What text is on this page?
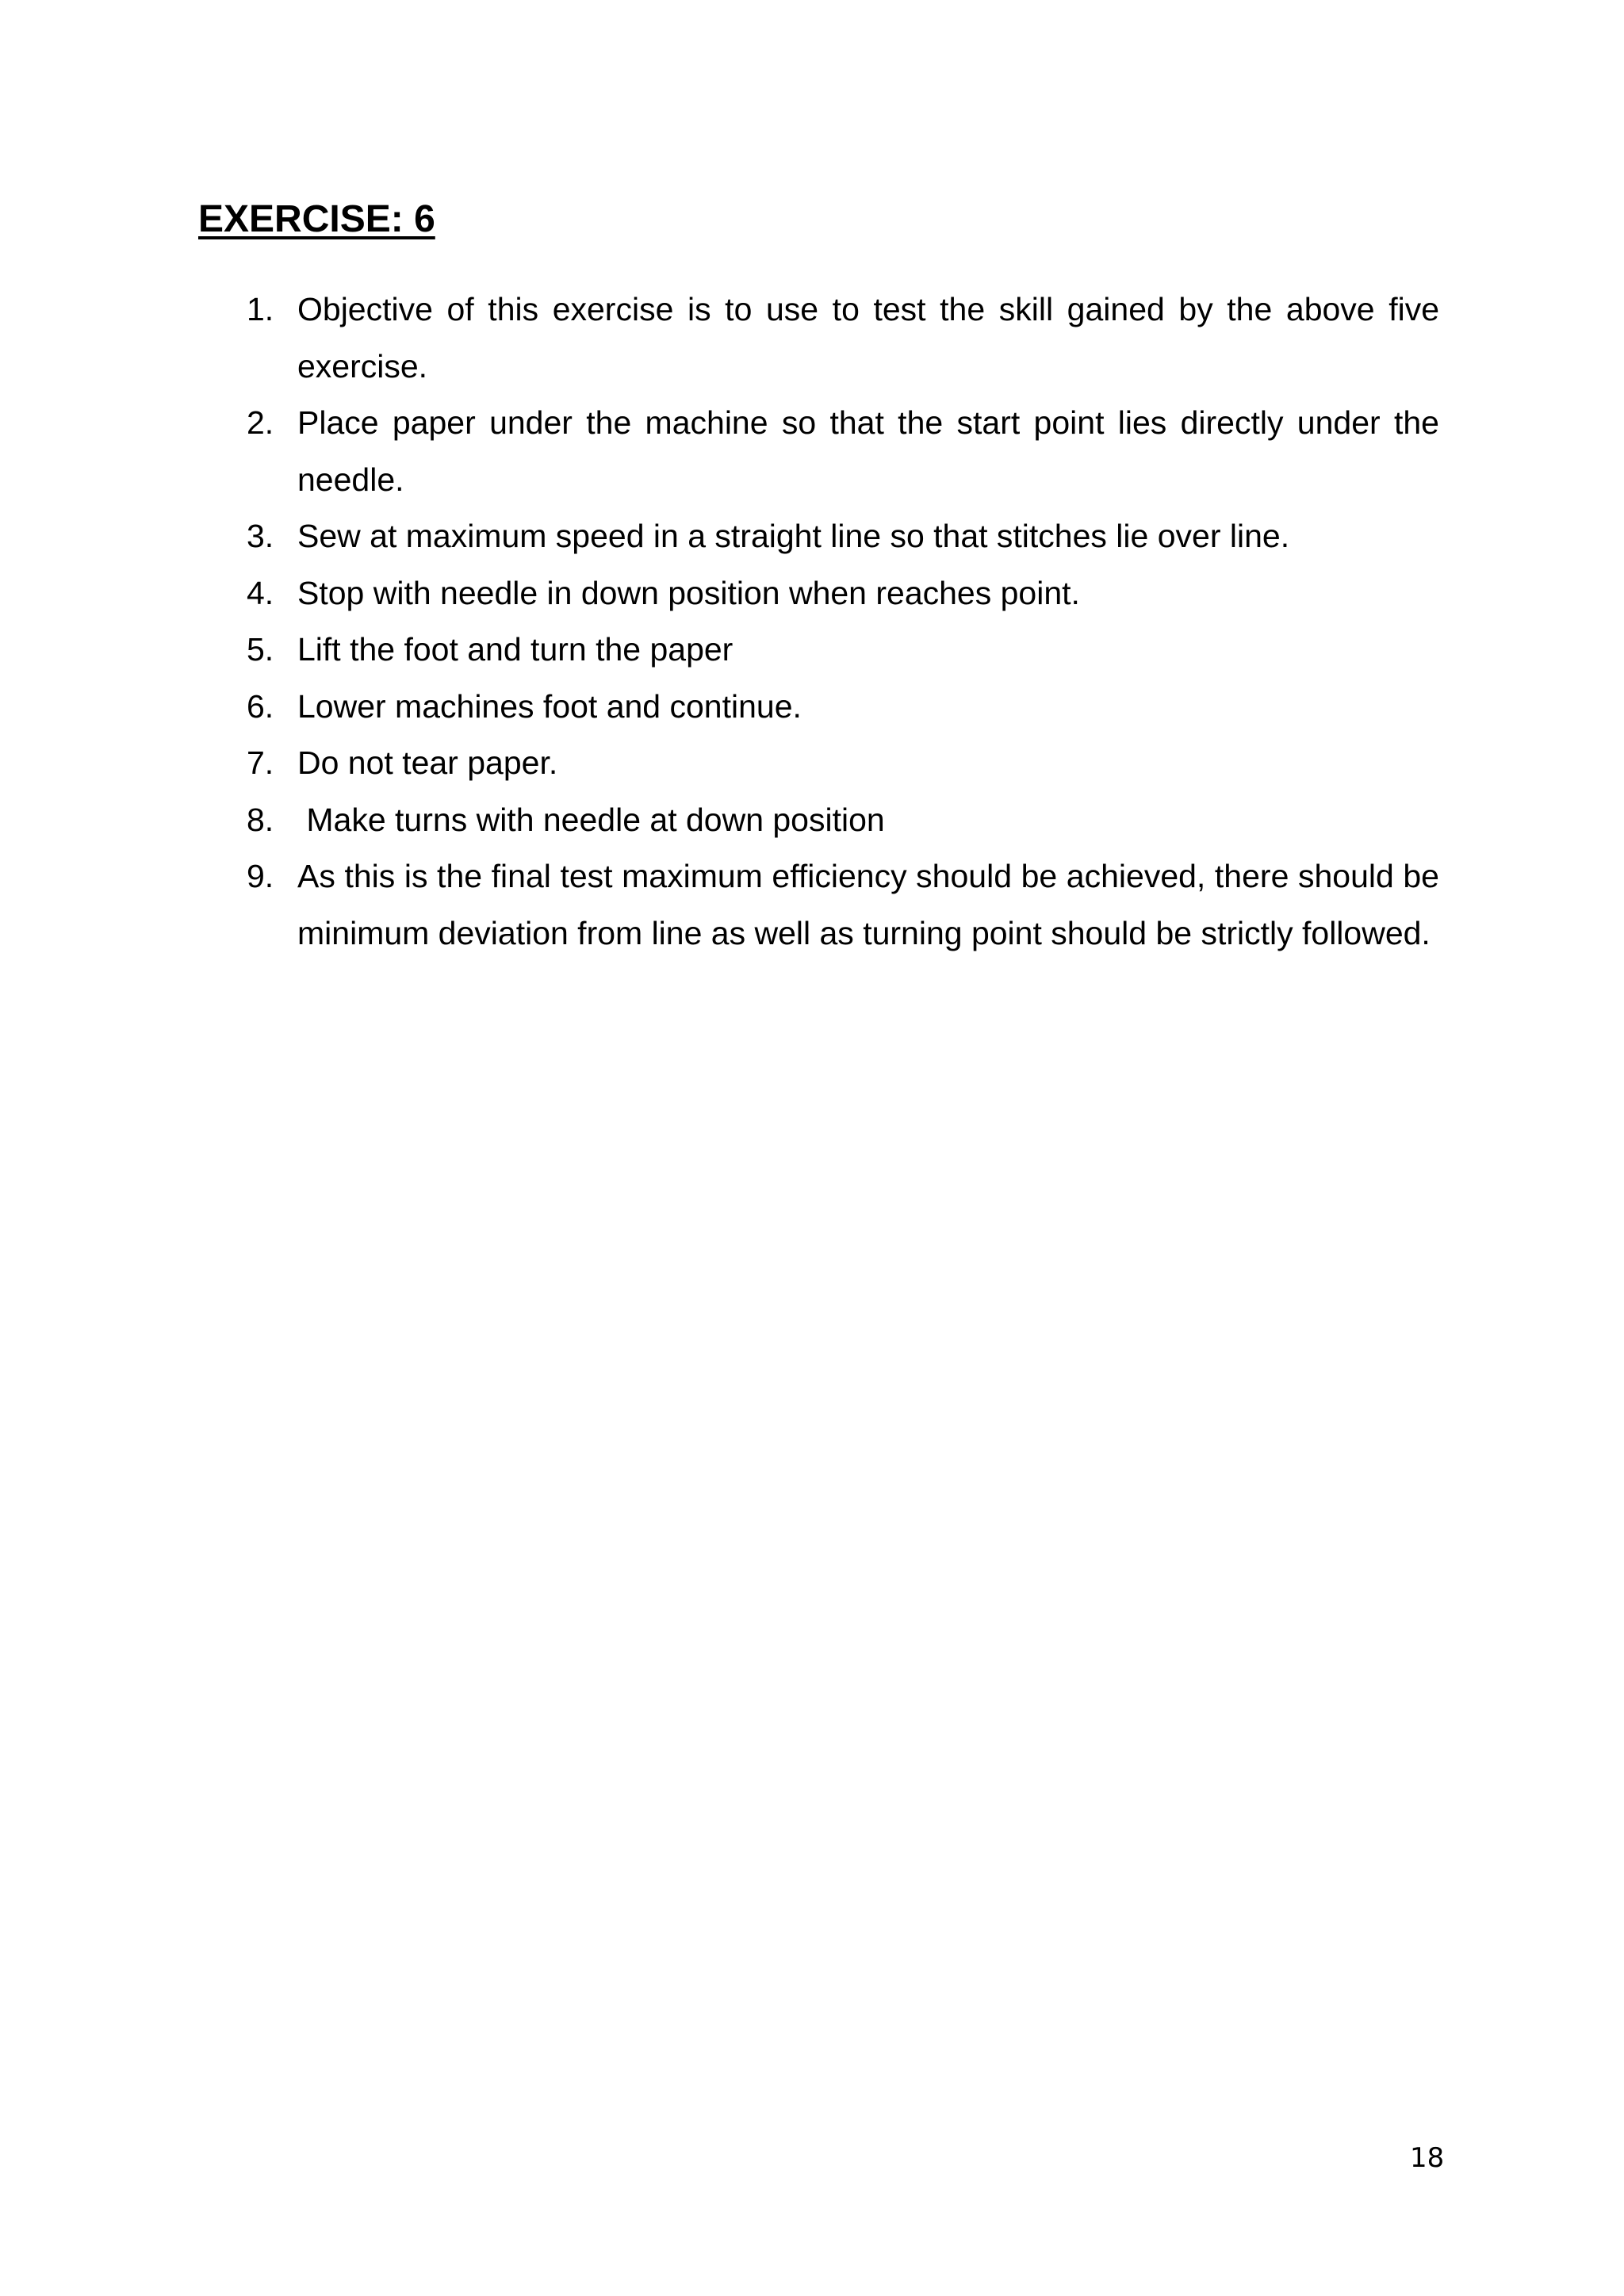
EXERCISE: 6
1. Objective of this exercise is to use to test the skill gained by the above five exercise.
2. Place paper under the machine so that the start point lies directly under the needle.
3. Sew at maximum speed in a straight line so that stitches lie over line.
4. Stop with needle in down position when reaches point.
5. Lift the foot and turn the paper
6. Lower machines foot and continue.
7. Do not tear paper.
8. Make turns with needle at down position
9. As this is the final test maximum efficiency should be achieved, there should be minimum deviation from line as well as turning point should be strictly followed.
18
